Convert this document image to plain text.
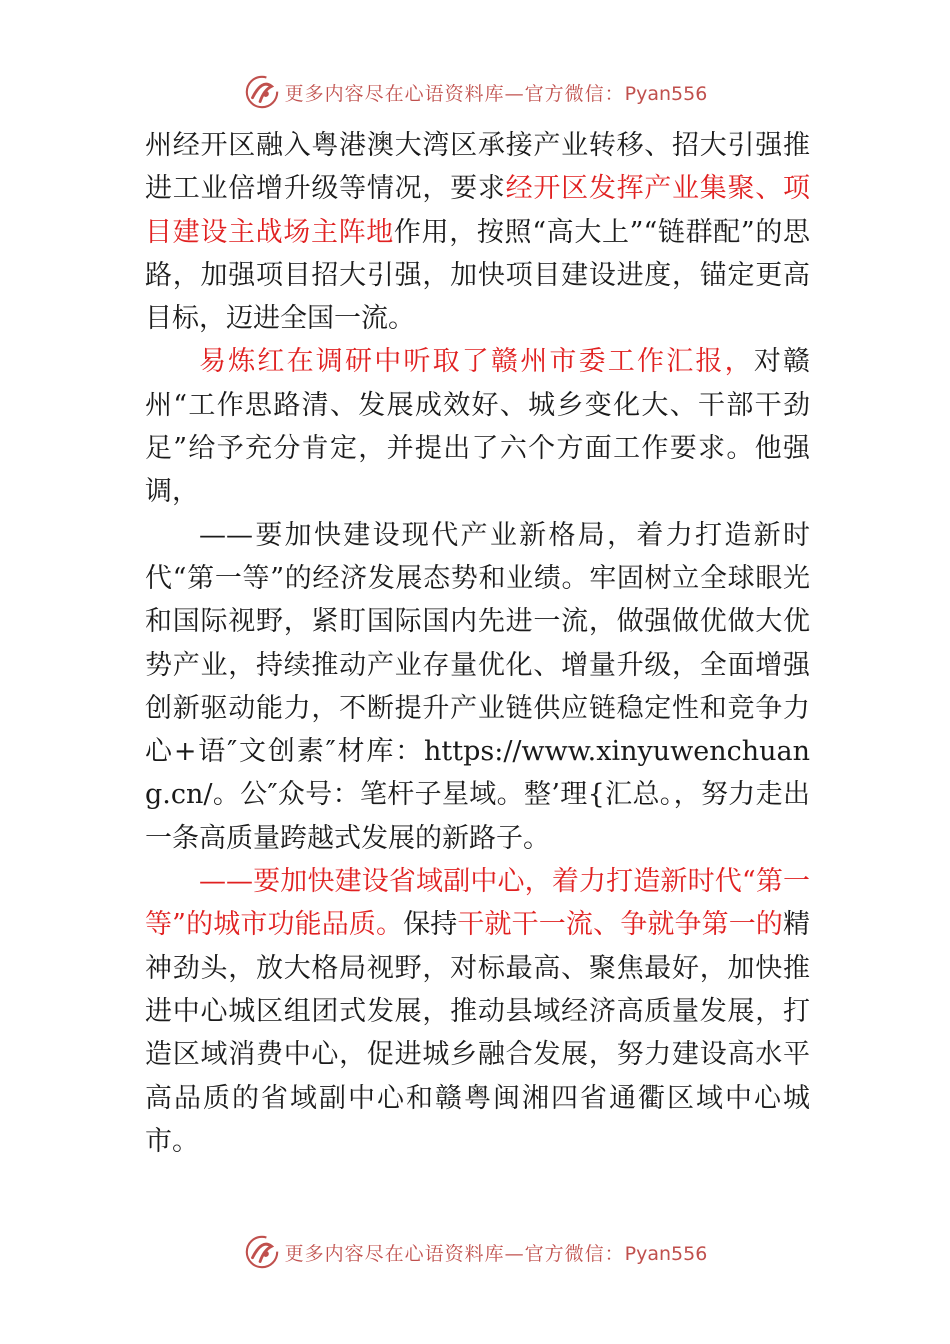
更多内容尽在心语资料库—官方微信：Pyan556

州经开区融入粤港澳大湾区承接产业转移、招大引强推进工业倍增升级等情况，要求经开区发挥产业集聚、项目建设主战场主阵地作用，按照“高大上”“链群配”的思路，加强项目招大引强，加快项目建设进度，锚定更高目标，迈进全国一流。

易炼红在调研中听取了赣州市委工作汇报，对赣州“工作思路清、发展成效好、城乡变化大、干部干劲足”给予充分肯定，并提出了六个方面工作要求。他强调，

——要加快建设现代产业新格局，着力打造新时代“第一等”的经济发展态势和业绩。牢固树立全球眼光和国际视野，紧盯国际国内先进一流，做强做优做大优势产业，持续推动产业存量优化、增量升级，全面增强创新驱动能力，不断提升产业链供应链稳定性和竞争力心+语″文创素″材库：https://www.xinyuwenchuang.cn/。公″众号：笔杆子星域。整’理{汇总。，努力走出一条高质量跨越式发展的新路子。

——要加快建设省域副中心，着力打造新时代“第一等”的城市功能品质。保持干就干一流、争就争第一的精神劲头，放大格局视野，对标最高、聚焦最好，加快推进中心城区组团式发展，推动县域经济高质量发展，打造区域消费中心，促进城乡融合发展，努力建设高水平高品质的省域副中心和赣粤闽湘四省通衢区域中心城市。

更多内容尽在心语资料库—官方微信：Pyan556
